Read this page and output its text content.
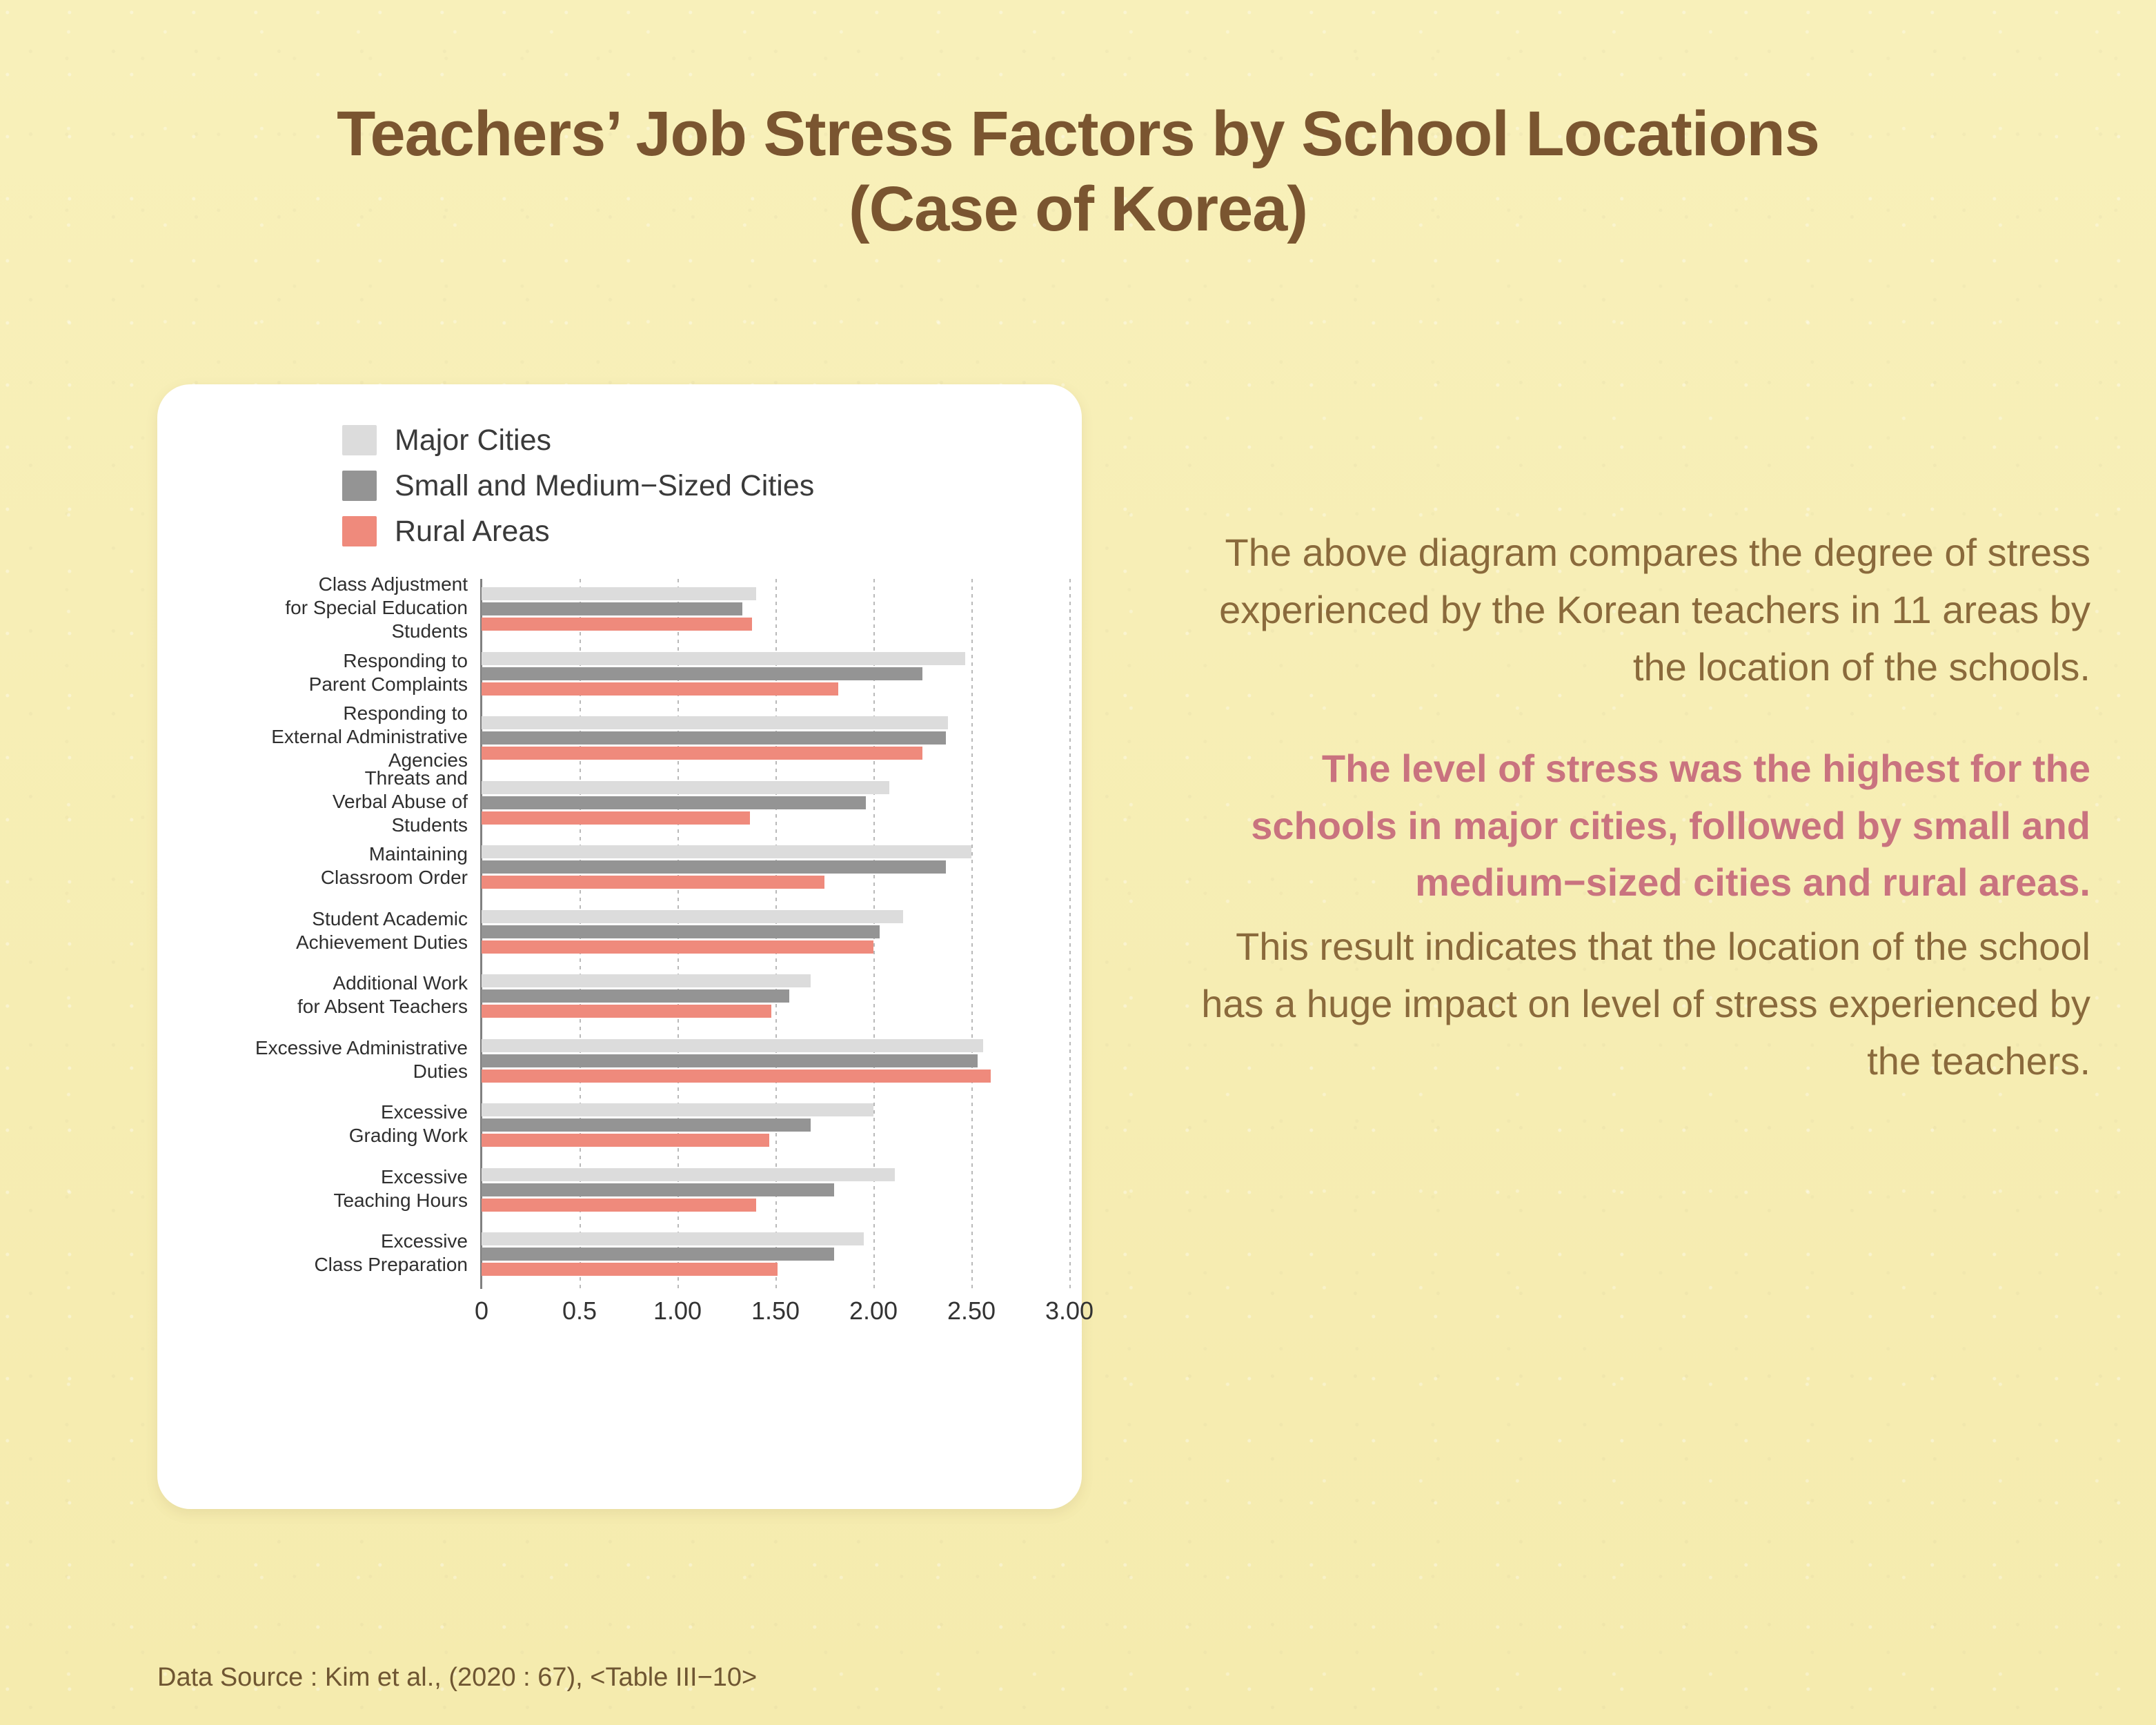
Teachers’ Job Stress Factors by School Locations
(Case of Korea)
Major Cities
Small and Medium−Sized Cities
Rural Areas
Class Adjustment
for Special Education
Students
Responding to
Parent Complaints
Responding to
External Administrative
Agencies
Threats and
Verbal Abuse of
Students
Maintaining
Classroom Order
Student Academic
Achievement Duties
Additional Work
for Absent Teachers
Excessive Administrative
Duties
Excessive
Grading Work
Excessive
Teaching Hours
Excessive
Class Preparation
0	0.5	1.00	1.50	2.00	2.50	3.00
Data Source : Kim et al., (2020 : 67), <Table III−10>

The above diagram compares the degree of stress experienced by the Korean teachers in 11 areas by the location of the schools.

The level of stress was the highest for the schools in major cities, followed by small and medium−sized cities and rural areas.

This result indicates that the location of the school has a huge impact on level of stress experienced by the teachers.
